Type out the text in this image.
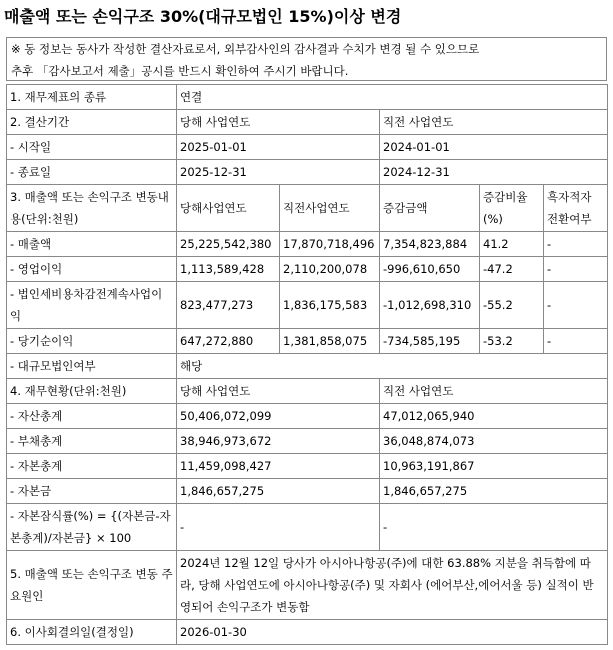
매출액 또는 손익구조 30%(대규모법인 15%)이상 변경
※ 동 정보는 동사가 작성한 결산자료로서, 외부감사인의 감사결과 수치가 변경 될 수 있으므로
추후 「감사보고서 제출」공시를 반드시 확인하여 주시기 바랍니다.
1. 재무제표의 종류	연결				
2. 결산기간	당해 사업연도		직전 사업연도		
- 시작일	2025-01-01		2024-01-01		
- 종료일	2025-12-31		2024-12-31		
3. 매출액 또는 손익구조 변동내용(단위:천원)	당해사업연도	직전사업연도	증감금액	증감비율 (%)	흑자적자 전환여부
- 매출액	25,225,542,380	17,870,718,496	7,354,823,884	41.2	-
- 영업이익	1,113,589,428	2,110,200,078	-996,610,650	-47.2	-
- 법인세비용차감전계속사업이익	823,477,273	1,836,175,583	-1,012,698,310	-55.2	-
- 당기순이익	647,272,880	1,381,858,075	-734,585,195	-53.2	-
- 대규모법인여부	해당				
4. 재무현황(단위:천원)	당해 사업연도		직전 사업연도		
- 자산총계	50,406,072,099		47,012,065,940		
- 부채총계	38,946,973,672		36,048,874,073		
- 자본총계	11,459,098,427		10,963,191,867		
- 자본금	1,846,657,275		1,846,657,275		
- 자본잠식률(%) = {(자본금-자본총계)/자본금} × 100	-		-		
5. 매출액 또는 손익구조 변동 주요원인	2024년 12월 12일 당사가 아시아나항공(주)에 대한 63.88% 지분을 취득함에 따라, 당해 사업연도에 아시아나항공(주) 및 자회사 (에어부산,에어서울 등) 실적이 반영되어 손익구조가 변동함				
6. 이사회결의일(결정일)	2026-01-30				
